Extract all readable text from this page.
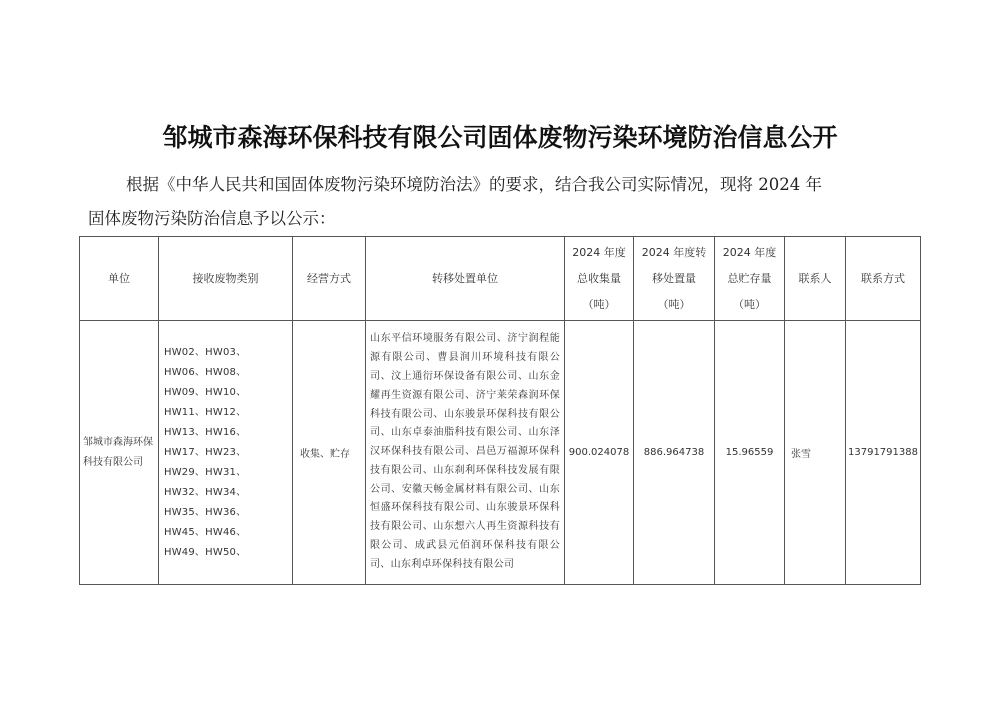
邹城市森海环保科技有限公司固体废物污染环境防治信息公开
根据《中华人民共和国固体废物污染环境防治法》的要求，结合我公司实际情况，现将 2024 年
固体废物污染防治信息予以公示：
单位	接收废物类别	经营方式	转移处置单位	2024 年度
总收集量
（吨）	2024 年度转
移处置量
（吨）	2024 年度
总贮存量
（吨）	联系人	联系方式
邹城市森海环保科技有限公司	HW02、HW03、HW06、HW08、HW09、HW10、HW11、HW12、HW13、HW16、HW17、HW23、HW29、HW31、HW32、HW34、HW35、HW36、HW45、HW46、HW49、HW50、	收集、贮存	山东平信环境服务有限公司、济宁润程能源有限公司、曹县润川环境科技有限公司、汶上通衍环保设备有限公司、山东金耀再生资源有限公司、济宁莱荣森润环保科技有限公司、山东骏景环保科技有限公司、山东卓泰油脂科技有限公司、山东泽汉环保科技有限公司、昌邑万福源环保科技有限公司、山东刹利环保科技发展有限公司、安徽天畅金属材料有限公司、山东恒盛环保科技有限公司、山东骏景环保科技有限公司、山东想六人再生资源科技有限公司、成武县元佰润环保科技有限公司、山东利卓环保科技有限公司	900.024078	886.964738	15.96559	张雪	13791791388
